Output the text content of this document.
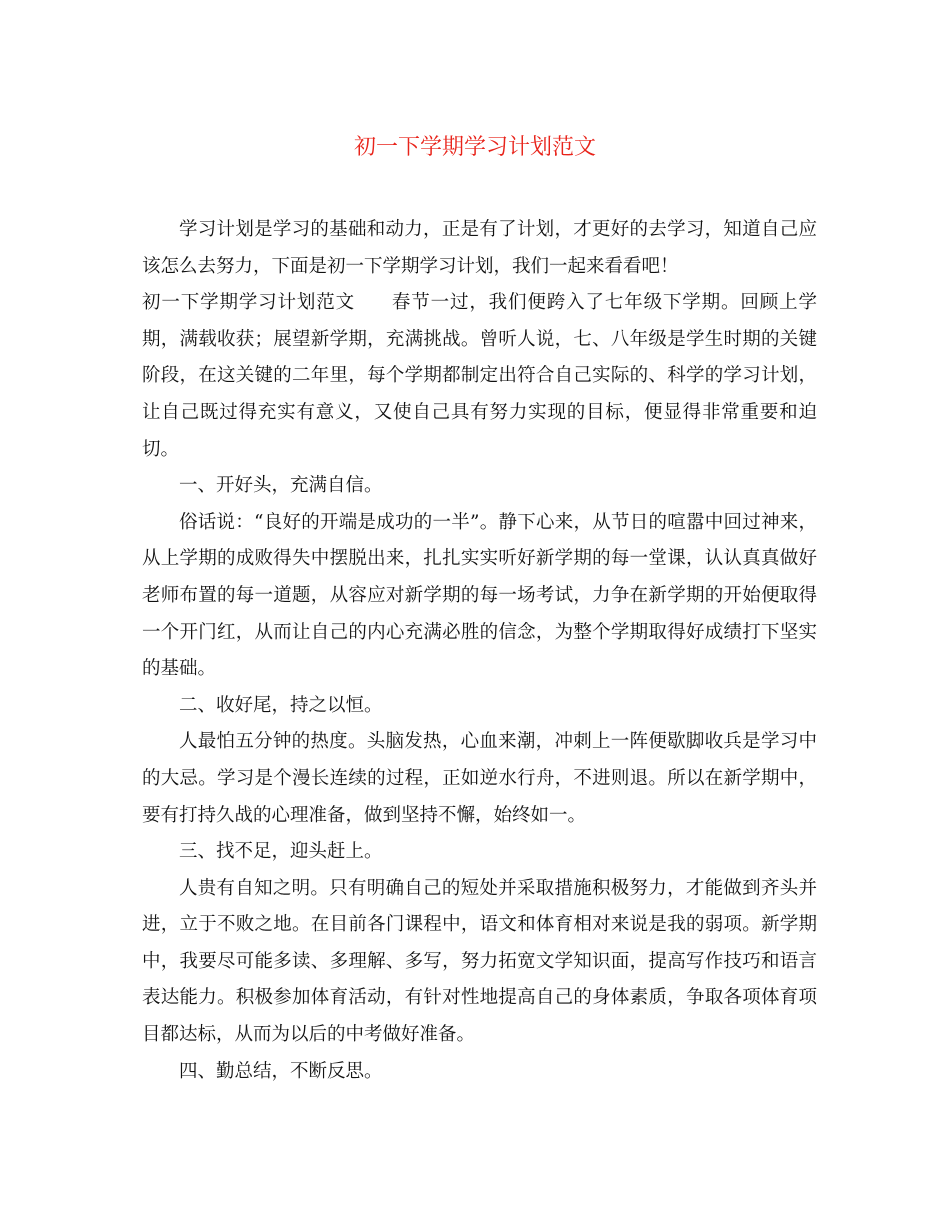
初一下学期学习计划范文

学习计划是学习的基础和动力，正是有了计划，才更好的去学习，知道自己应该怎么去努力，下面是初一下学期学习计划，我们一起来看看吧！

初一下学期学习计划范文 春节一过，我们便跨入了七年级下学期。回顾上学期，满载收获；展望新学期，充满挑战。曾听人说，七、八年级是学生时期的关键阶段，在这关键的二年里，每个学期都制定出符合自己实际的、科学的学习计划，让自己既过得充实有意义，又使自己具有努力实现的目标，便显得非常重要和迫切。

一、开好头，充满自信。

俗话说：“良好的开端是成功的一半”。静下心来，从节日的喧嚣中回过神来，从上学期的成败得失中摆脱出来，扎扎实实听好新学期的每一堂课，认认真真做好老师布置的每一道题，从容应对新学期的每一场考试，力争在新学期的开始便取得一个开门红，从而让自己的内心充满必胜的信念，为整个学期取得好成绩打下坚实的基础。

二、收好尾，持之以恒。

人最怕五分钟的热度。头脑发热，心血来潮，冲刺上一阵便歇脚收兵是学习中的大忌。学习是个漫长连续的过程，正如逆水行舟，不进则退。所以在新学期中，要有打持久战的心理准备，做到坚持不懈，始终如一。

三、找不足，迎头赶上。

人贵有自知之明。只有明确自己的短处并采取措施积极努力，才能做到齐头并进，立于不败之地。在目前各门课程中，语文和体育相对来说是我的弱项。新学期中，我要尽可能多读、多理解、多写，努力拓宽文学知识面，提高写作技巧和语言表达能力。积极参加体育活动，有针对性地提高自己的身体素质，争取各项体育项目都达标，从而为以后的中考做好准备。

四、勤总结，不断反思。
